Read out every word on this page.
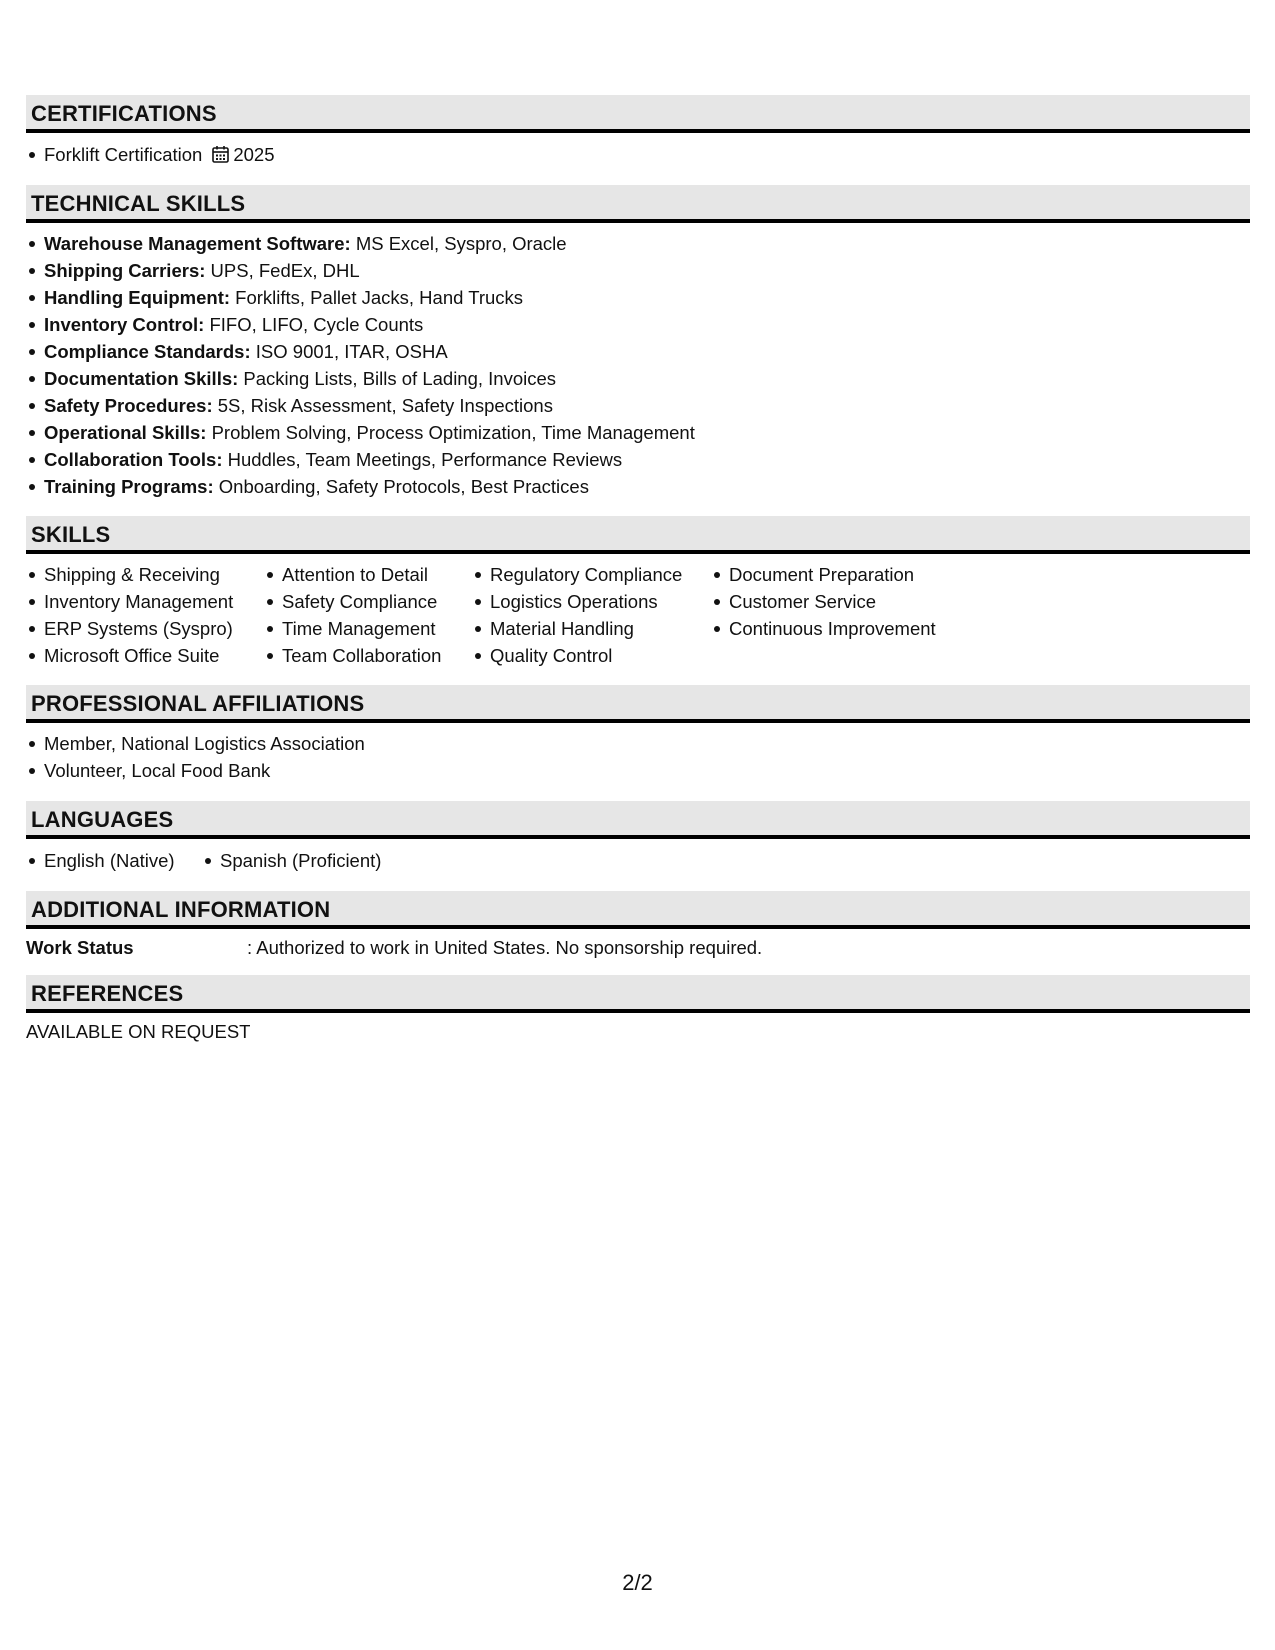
CERTIFICATIONS
Forklift Certification 2025
TECHNICAL SKILLS
Warehouse Management Software: MS Excel, Syspro, Oracle
Shipping Carriers: UPS, FedEx, DHL
Handling Equipment: Forklifts, Pallet Jacks, Hand Trucks
Inventory Control: FIFO, LIFO, Cycle Counts
Compliance Standards: ISO 9001, ITAR, OSHA
Documentation Skills: Packing Lists, Bills of Lading, Invoices
Safety Procedures: 5S, Risk Assessment, Safety Inspections
Operational Skills: Problem Solving, Process Optimization, Time Management
Collaboration Tools: Huddles, Team Meetings, Performance Reviews
Training Programs: Onboarding, Safety Protocols, Best Practices
SKILLS
Shipping & Receiving
Inventory Management
ERP Systems (Syspro)
Microsoft Office Suite
Attention to Detail
Safety Compliance
Time Management
Team Collaboration
Regulatory Compliance
Logistics Operations
Material Handling
Quality Control
Document Preparation
Customer Service
Continuous Improvement
PROFESSIONAL AFFILIATIONS
Member, National Logistics Association
Volunteer, Local Food Bank
LANGUAGES
English (Native)	Spanish (Proficient)
ADDITIONAL INFORMATION
Work Status	: Authorized to work in United States. No sponsorship required.
REFERENCES
AVAILABLE ON REQUEST
2/2
